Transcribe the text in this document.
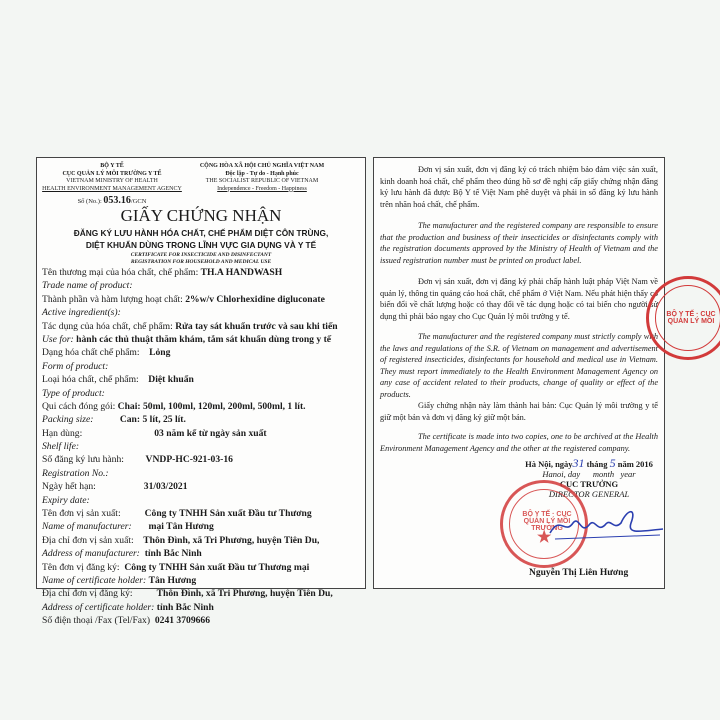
BỘ Y TẾ
CỤC QUẢN LÝ MÔI TRƯỜNG Y TẾ
VIETNAM MINISTRY OF HEALTH
HEALTH ENVIRONMENT MANAGEMENT AGENCY
Số (No.): 053.16/GCN
CỘNG HÒA XÃ HỘI CHỦ NGHĨA VIỆT NAM
Độc lập - Tự do - Hạnh phúc
THE SOCIALIST REPUBLIC OF VIETNAM
Independence - Freedom - Happiness
GIẤY CHỨNG NHẬN
ĐĂNG KÝ LƯU HÀNH HÓA CHẤT, CHẾ PHẨM DIỆT CÔN TRÙNG,
DIỆT KHUẨN DÙNG TRONG LĨNH VỰC GIA DỤNG VÀ Y TẾ
CERTIFICATE FOR INSECTICIDE AND DISINFECTANT
REGISTRATION FOR HOUSEHOLD AND MEDICAL USE
Tên thương mại của hóa chất, chế phẩm: TH.A HANDWASH
Trade name of product:
Thành phần và hàm lượng hoạt chất: 2%w/v Chlorhexidine digluconate
Active ingredient(s):
Tác dụng của hóa chất, chế phẩm: Rửa tay sát khuẩn trước và sau khi tiến
Use for: hành các thủ thuật thăm khám, tắm sát khuẩn dùng trong y tế
Dạng hóa chất chế phẩm:    Lỏng
Form of product:
Loại hóa chất, chế phẩm:    Diệt khuẩn
Type of product:
Qui cách đóng gói: Chai: 50ml, 100ml, 120ml, 200ml, 500ml, 1 lít.
Packing size:           Can: 5 lít, 25 lít.
Hạn dùng:                              03 năm kể từ ngày sản xuất
Shelf life:
Số đăng ký lưu hành:         VNDP-HC-921-03-16
Registration No.:
Ngày hết hạn:                    31/03/2021
Expiry date:
Tên đơn vị sản xuất:          Công ty TNHH Sản xuất Đầu tư Thương
Name of manufacturer:       mại Tân Hương
Địa chỉ đơn vị sản xuất:    Thôn Đình, xã Tri Phương, huyện Tiên Du,
Address of manufacturer:  tỉnh Bắc Ninh
Tên đơn vị đăng ký:  Công ty TNHH Sản xuất Đầu tư Thương mại
Name of certificate holder: Tân Hương
Địa chỉ đơn vị đăng ký:          Thôn Đình, xã Tri Phương, huyện Tiên Du,
Address of certificate holder: tỉnh Bắc Ninh
Số điện thoại /Fax (Tel/Fax)  0241 3709666
Đơn vị sản xuất, đơn vị đăng ký có trách nhiệm bảo đảm việc sản xuất, kinh doanh hoá chất, chế phẩm theo đúng hồ sơ đề nghị cấp giấy chứng nhận đăng ký lưu hành đã được Bộ Y tế Việt Nam phê duyệt và phải in số đăng ký lưu hành trên nhãn hoá chất, chế phẩm.
The manufacturer and the registered company are responsible to ensure that the production and business of their insecticides or disinfectants comply with the registration documents approved by the Ministry of Health of Vietnam and the issued registration number must be printed on product label.
Đơn vị sản xuất, đơn vị đăng ký phải chấp hành luật pháp Việt Nam về quản lý, thông tin quảng cáo hoá chất, chế phẩm ở Việt Nam. Nếu phát hiện thấy có biến đổi về chất lượng hoặc có thay đổi về tác dụng hoặc có tai biến cho người sử dụng thì phải báo ngay cho Cục Quản lý môi trường y tế.
The manufacturer and the registered company must strictly comply with the laws and regulations of the S.R. of Vietnam on management and advertisement of registered insecticides, disinfectants for household and medical use in Vietnam. They must report immediately to the Health Environment Management Agency on any case of accident related to their products, change of quality or effect of the products.
Giấy chứng nhận này làm thành hai bản: Cục Quản lý môi trường y tế giữ một bản và đơn vị đăng ký giữ một bản.
The certificate is made into two copies, one to be archived at the Health Environment Management Agency and the other at the registered company.
Hà Nội, ngày31 tháng 5 năm 2016
Hanoi, day      month   year
CỤC TRƯỞNG
DIRECTOR GENERAL
Nguyễn Thị Liên Hương
BỘ Y TẾ · CỤC QUẢN LÝ MÔI
BỘ Y TẾ · CỤC QUẢN LÝ MÔI TRƯỜNG
★
